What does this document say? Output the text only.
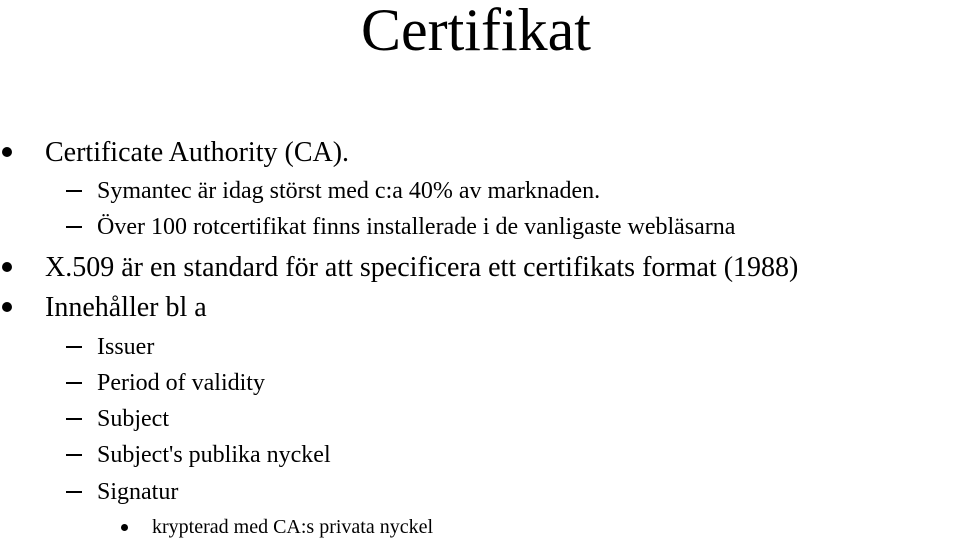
Certifikat
Certificate Authority (CA).
Symantec är idag störst med c:a 40% av marknaden.
Över 100 rotcertifikat finns installerade i de vanligaste webläsarna
X.509 är en standard för att specificera ett certifikats format (1988)
Innehåller bl a
Issuer
Period of validity
Subject
Subject's publika nyckel
Signatur
krypterad med CA:s privata nyckel
